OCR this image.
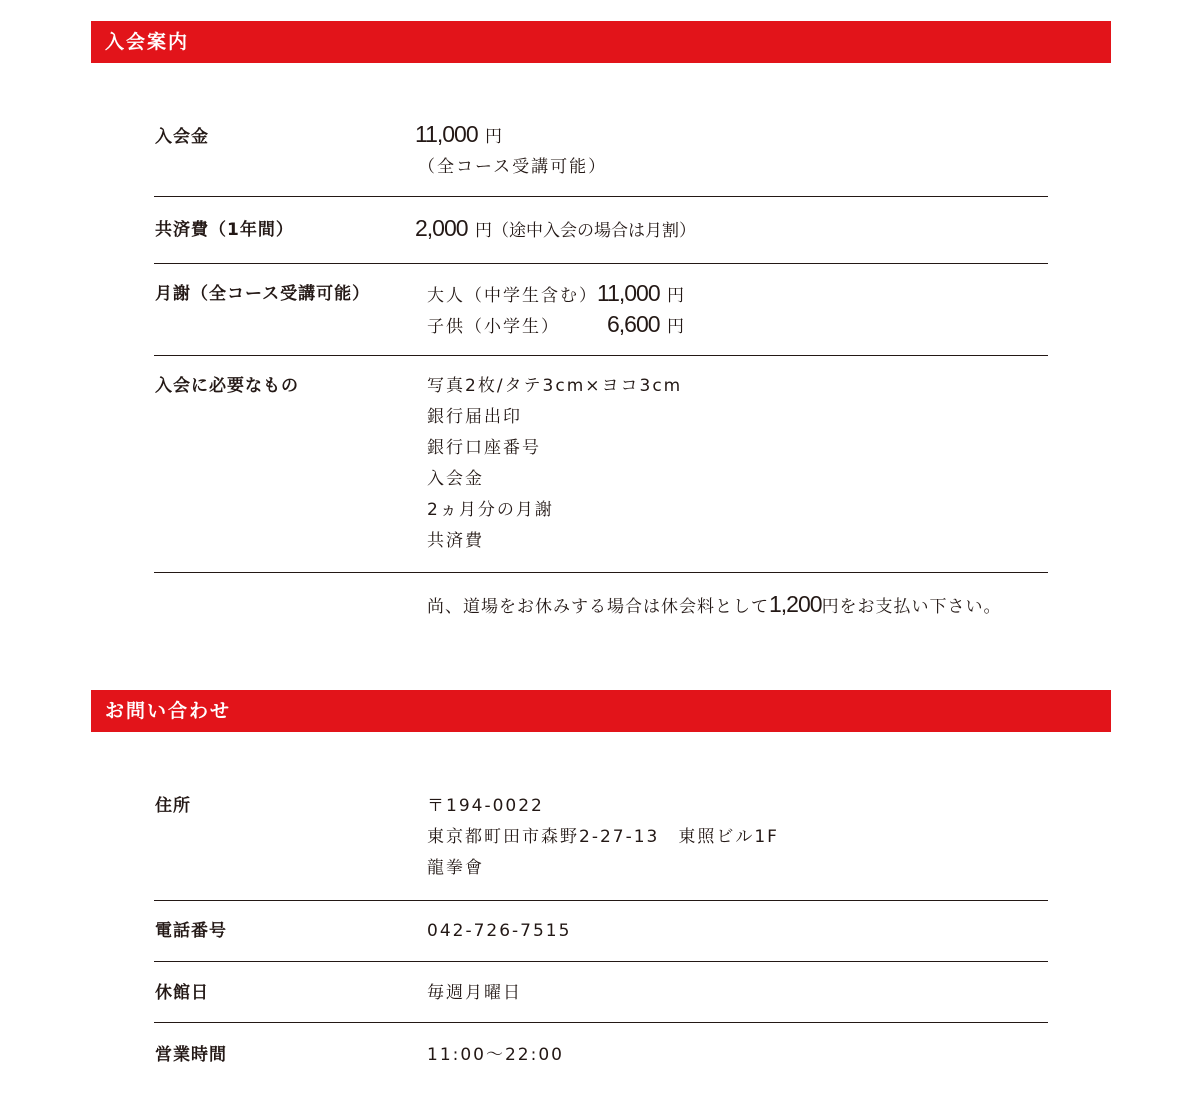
入会案内
入会金	11,000 円
（全コース受講可能）
共済費（1年間）	2,000 円（途中入会の場合は月割）
月謝（全コース受講可能）	大人（中学生含む）11,000 円
子供（小学生） 6,600 円
入会に必要なもの	写真2枚/タテ3cm×ヨコ3cm
銀行届出印
銀行口座番号
入会金
2ヵ月分の月謝
共済費
尚、道場をお休みする場合は休会料として1,200円をお支払い下さい。
お問い合わせ
住所	〒194-0022
東京都町田市森野2-27-13　東照ビル1F
龍拳會
電話番号	042-726-7515
休館日	毎週月曜日
営業時間	11:00〜22:00
